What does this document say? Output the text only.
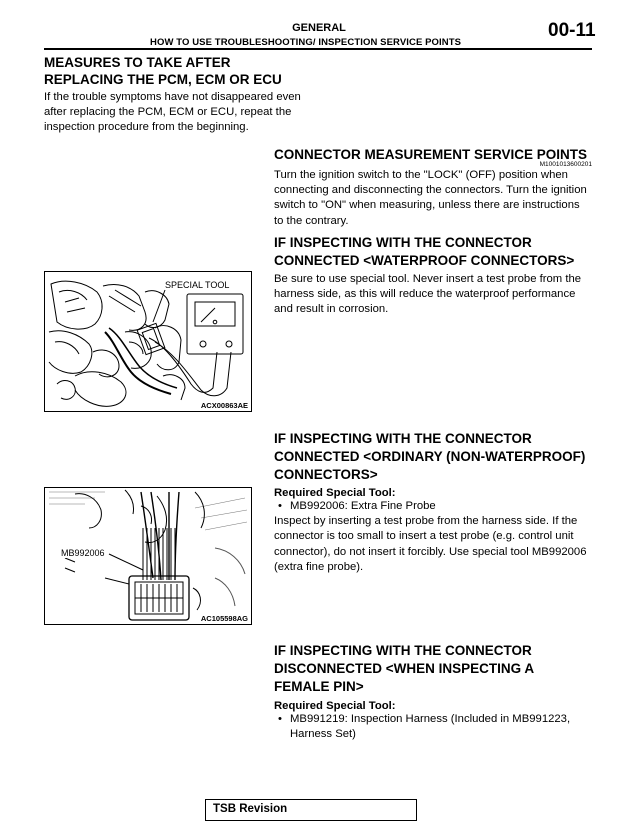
GENERAL
HOW TO USE TROUBLESHOOTING/ INSPECTION SERVICE POINTS
00-11
MEASURES TO TAKE AFTER
REPLACING THE PCM, ECM OR ECU
If the trouble symptoms have not disappeared even
after replacing the PCM, ECM or ECU, repeat the
inspection procedure from the beginning.
CONNECTOR MEASUREMENT SERVICE POINTS
M1001013600201
Turn the ignition switch to the "LOCK" (OFF) position when
connecting and disconnecting the connectors. Turn the ignition
switch to "ON" when measuring, unless there are instructions
to the contrary.
IF INSPECTING WITH THE CONNECTOR
CONNECTED <WATERPROOF CONNECTORS>
Be sure to use special tool. Never insert a test probe from the
harness side, as this will reduce the waterproof performance
and result in corrosion.
SPECIAL TOOL
ACX00863AE
IF INSPECTING WITH THE CONNECTOR
CONNECTED <ORDINARY (NON-WATERPROOF)
CONNECTORS>
Required Special Tool:
• MB992006: Extra Fine Probe
Inspect by inserting a test probe from the harness side. If the
connector is too small to insert a test probe (e.g. control unit
connector), do not insert it forcibly. Use special tool MB992006
(extra fine probe).
MB992006
AC105598AG
IF INSPECTING WITH THE CONNECTOR
DISCONNECTED <WHEN INSPECTING A
FEMALE PIN>
Required Special Tool:
• MB991219: Inspection Harness (Included in MB991223,
Harness Set)
TSB Revision
